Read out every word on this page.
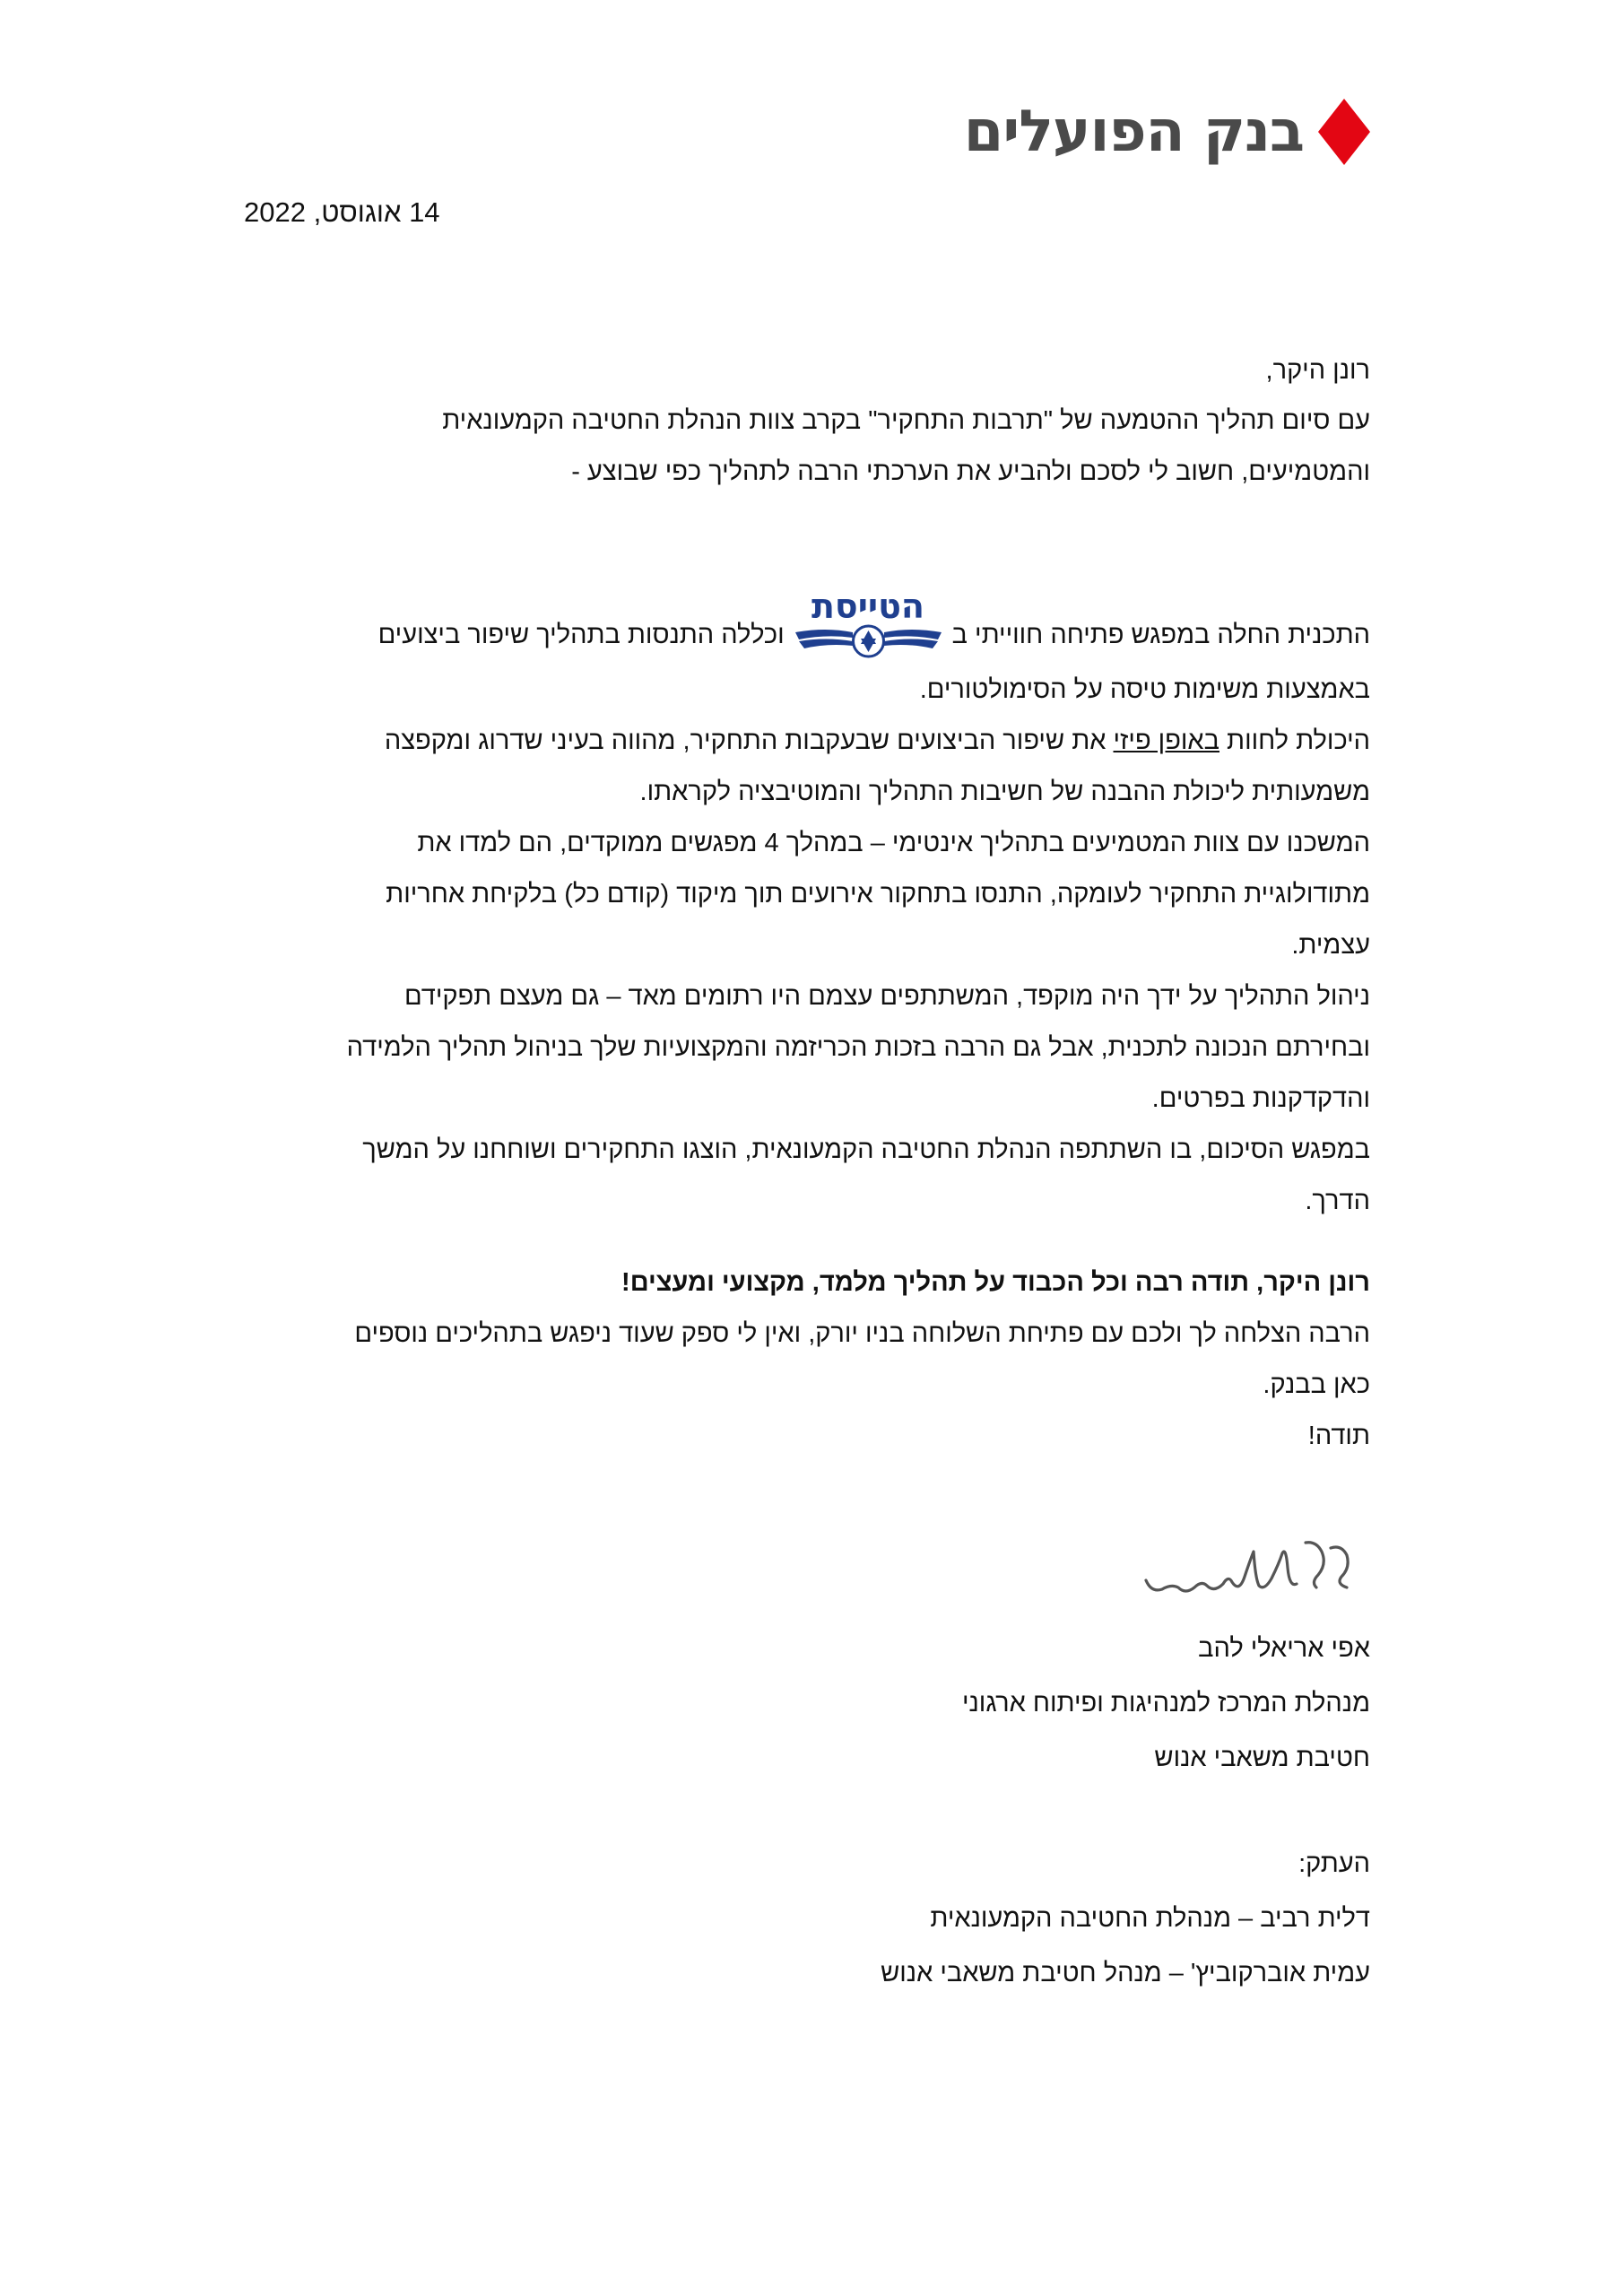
בנק הפועלים
14 אוגוסט, 2022

רונן היקר,

עם סיום תהליך ההטמעה של "תרבות התחקיר" בקרב צוות הנהלת החטיבה הקמעונאית

והמטמיעים, חשוב לי לסכם ולהביע את הערכתי הרבה לתהליך כפי שבוצע -

התכנית החלה במפגש פתיחה חווייתי ב
הטייסת
וכללה התנסות בתהליך שיפור ביצועים

באמצעות משימות טיסה על הסימולטורים.

היכולת לחוות באופן פיזי את שיפור הביצועים שבעקבות התחקיר, מהווה בעיני שדרוג ומקפצה

משמעותית ליכולת ההבנה של חשיבות התהליך והמוטיבציה לקראתו.

המשכנו עם צוות המטמיעים בתהליך אינטימי – במהלך 4 מפגשים ממוקדים, הם למדו את

מתודולוגיית התחקיר לעומקה, התנסו בתחקור אירועים תוך מיקוד (קודם כל) בלקיחת אחריות

עצמית.

ניהול התהליך על ידך היה מוקפד, המשתתפים עצמם היו רתומים מאד – גם מעצם תפקידם

ובחירתם הנכונה לתכנית, אבל גם הרבה בזכות הכריזמה והמקצועיות שלך בניהול תהליך הלמידה

והדקדקנות בפרטים.

במפגש הסיכום, בו השתתפה הנהלת החטיבה הקמעונאית, הוצגו התחקירים ושוחחנו על המשך

הדרך.

רונן היקר, תודה רבה וכל הכבוד על תהליך מלמד, מקצועי ומעצים!

הרבה הצלחה לך ולכם עם פתיחת השלוחה בניו יורק, ואין לי ספק שעוד ניפגש בתהליכים נוספים

כאן בבנק.

תודה!

אפי אריאלי להב

מנהלת המרכז למנהיגות ופיתוח ארגוני

חטיבת משאבי אנוש

העתק:

דלית רביב – מנהלת החטיבה הקמעונאית

עמית אוברקוביץ' – מנהל חטיבת משאבי אנוש
